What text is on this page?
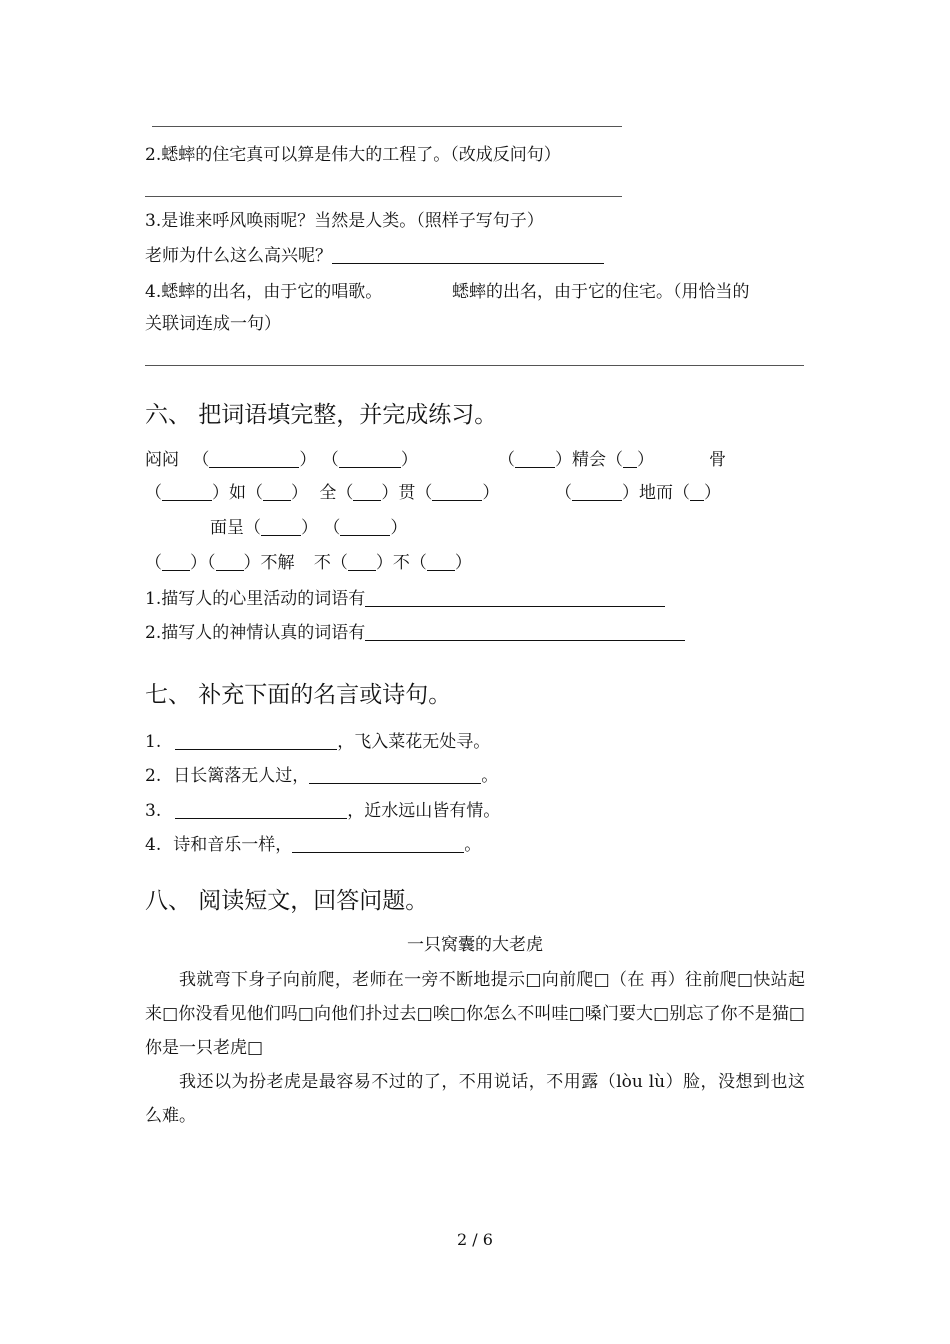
2.蟋蟀的住宅真可以算是伟大的工程了。（改成反问句）
3.是谁来呼风唤雨呢？当然是人类。（照样子写句子）
老师为什么这么高兴呢？
4.蟋蟀的出名，由于它的唱歌。	蟋蟀的出名，由于它的住宅。（用恰当的
关联词连成一句）
六、 把词语填完整，并完成练习。
闷闷 （	） （	）	（ ）精会（ ）	骨
（	）如（ ） 全（ ）贯（	）	（	）地而（ ）
面呈（ ） （	）
（ ）（ ）不解 不（ ）不（ ）
1.描写人的心里活动的词语有
2.描写人的神情认真的词语有
七、 补充下面的名言或诗句。
1.	，飞入菜花无处寻。
2. 日长篱落无人过，	。
3.	，近水远山皆有情。
4. 诗和音乐一样，	。
八、 阅读短文，回答问题。
一只窝囊的大老虎
我就弯下身子向前爬，老师在一旁不断地提示□向前爬□（在 再）往前爬□快站起来□你没看见他们吗□向他们扑过去□唉□你怎么不叫哇□嗓门要大□别忘了你不是猫□你是一只老虎□
我还以为扮老虎是最容易不过的了，不用说话，不用露（lòu lù）脸，没想到也这么难。
2 / 6
